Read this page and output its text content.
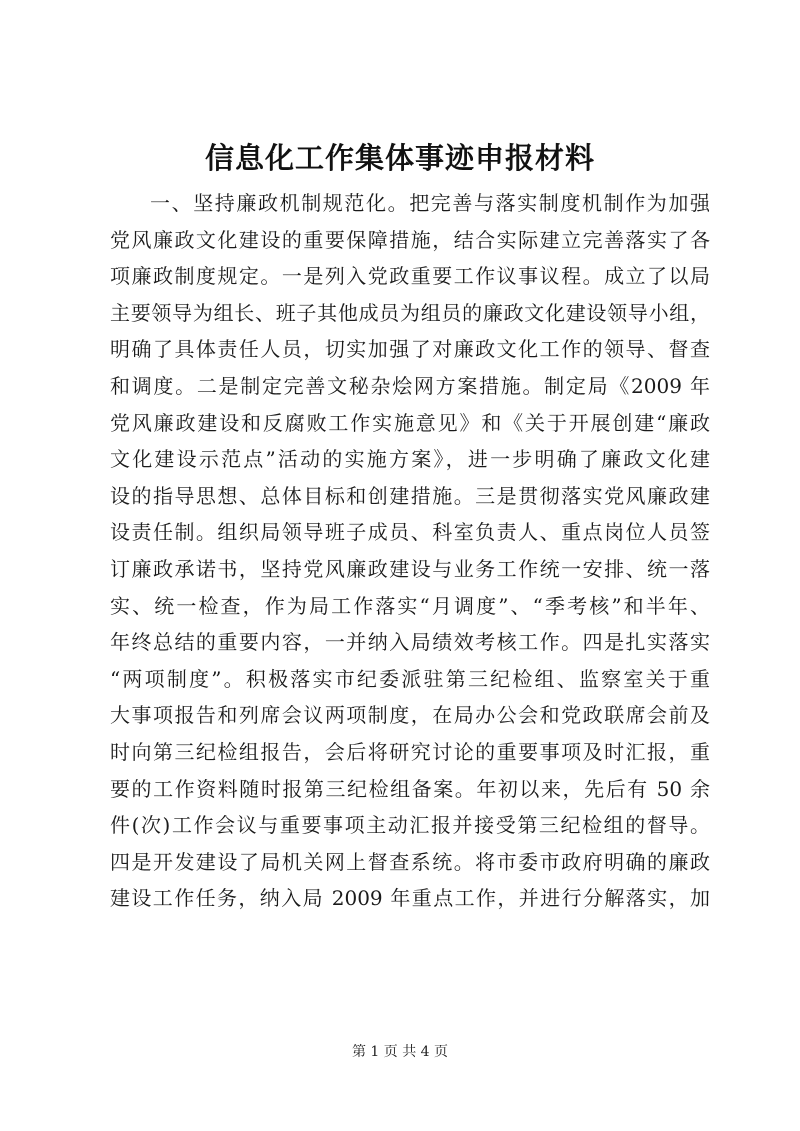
信息化工作集体事迹申报材料
一、坚持廉政机制规范化。把完善与落实制度机制作为加强
党风廉政文化建设的重要保障措施，结合实际建立完善落实了各
项廉政制度规定。一是列入党政重要工作议事议程。成立了以局
主要领导为组长、班子其他成员为组员的廉政文化建设领导小组，
明确了具体责任人员，切实加强了对廉政文化工作的领导、督查
和调度。二是制定完善文秘杂烩网方案措施。制定局《2009 年
党风廉政建设和反腐败工作实施意见》和《关于开展创建“廉政
文化建设示范点”活动的实施方案》，进一步明确了廉政文化建
设的指导思想、总体目标和创建措施。三是贯彻落实党风廉政建
设责任制。组织局领导班子成员、科室负责人、重点岗位人员签
订廉政承诺书，坚持党风廉政建设与业务工作统一安排、统一落
实、统一检查，作为局工作落实“月调度”、“季考核”和半年、
年终总结的重要内容，一并纳入局绩效考核工作。四是扎实落实
“两项制度”。积极落实市纪委派驻第三纪检组、监察室关于重
大事项报告和列席会议两项制度，在局办公会和党政联席会前及
时向第三纪检组报告，会后将研究讨论的重要事项及时汇报，重
要的工作资料随时报第三纪检组备案。年初以来，先后有 50 余
件(次)工作会议与重要事项主动汇报并接受第三纪检组的督导。
四是开发建设了局机关网上督查系统。将市委市政府明确的廉政
建设工作任务，纳入局 2009 年重点工作，并进行分解落实，加
第 1 页 共 4 页
